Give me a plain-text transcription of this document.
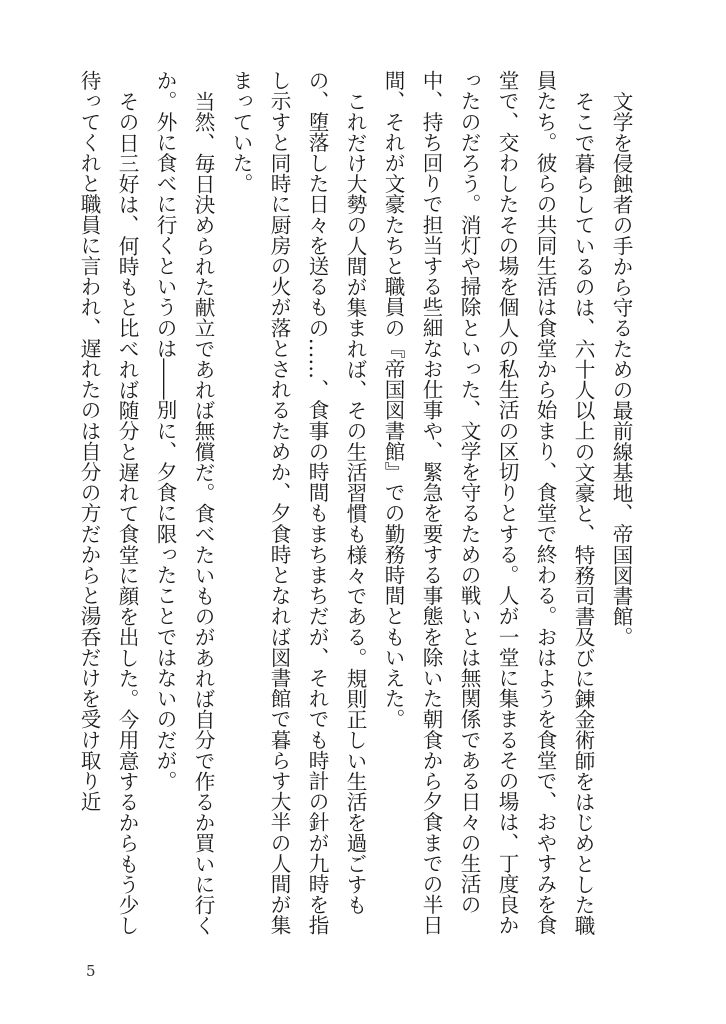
文学を侵蝕者の手から守るための最前線基地、帝国図書館。

そこで暮らしているのは、六十人以上の文豪と、特務司書及びに錬金術師をはじめとした職員たち。彼らの共同生活は食堂から始まり、食堂で終わる。おはようを食堂で、おやすみを食堂で、交わしたその場を個人の私生活の区切りとする。人が一堂に集まるその場は、丁度良かったのだろう。消灯や掃除といった、文学を守るための戦いとは無関係である日々の生活の中、持ち回りで担当する些細なお仕事や、緊急を要する事態を除いた朝食から夕食までの半日間、それが文豪たちと職員の『帝国図書館』での勤務時間ともいえた。

これだけ大勢の人間が集まれば、その生活習慣も様々である。規則正しい生活を過ごすもの、堕落した日々を送るもの……、食事の時間もまちまちだが、それでも時計の針が九時を指し示すと同時に厨房の火が落とされるためか、夕食時となれば図書館で暮らす大半の人間が集まっていた。

当然、毎日決められた献立であれば無償だ。食べたいものがあれば自分で作るか買いに行くか。外に食べに行くというのは――別に、夕食に限ったことではないのだが。

その日三好は、何時もと比べれば随分と遅れて食堂に顔を出した。今用意するからもう少し待ってくれと職員に言われ、遅れたのは自分の方だからと湯呑だけを受け取り近

5
